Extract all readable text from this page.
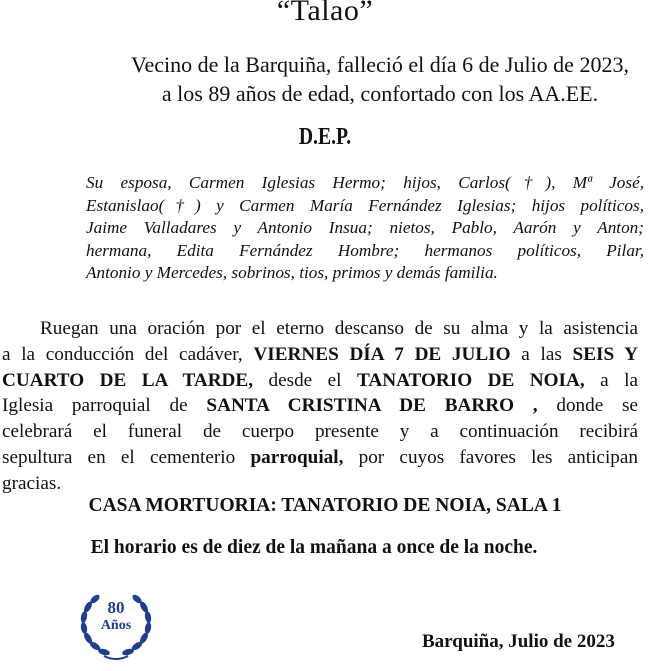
“Talao”
Vecino de la Barquiña, falleció el día 6 de Julio de 2023,
a los 89 años de edad, confortado con los AA.EE.
D.E.P.
Su esposa, Carmen Iglesias Hermo; hijos, Carlos(†), Mª José,
Estanislao(†) y Carmen María Fernández Iglesias; hijos políticos,
Jaime Valladares y Antonio Insua; nietos, Pablo, Aarón y Anton;
hermana, Edita Fernández Hombre; hermanos políticos, Pilar,
Antonio y Mercedes, sobrinos, tios, primos y demás familia.
Ruegan una oración por el eterno descanso de su alma y la asistencia
a la conducción del cadáver, VIERNES DÍA 7 DE JULIO a las SEIS Y
CUARTO DE LA TARDE, desde el TANATORIO DE NOIA, a la
Iglesia parroquial de SANTA CRISTINA DE BARRO , donde se
celebrará el funeral de cuerpo presente y a continuación recibirá
sepultura en el cementerio parroquial, por cuyos favores les anticipan
gracias.
CASA MORTUORIA: TANATORIO DE NOIA, SALA 1
El horario es de diez de la mañana a once de la noche.
80
Años
Barquiña, Julio de 2023
